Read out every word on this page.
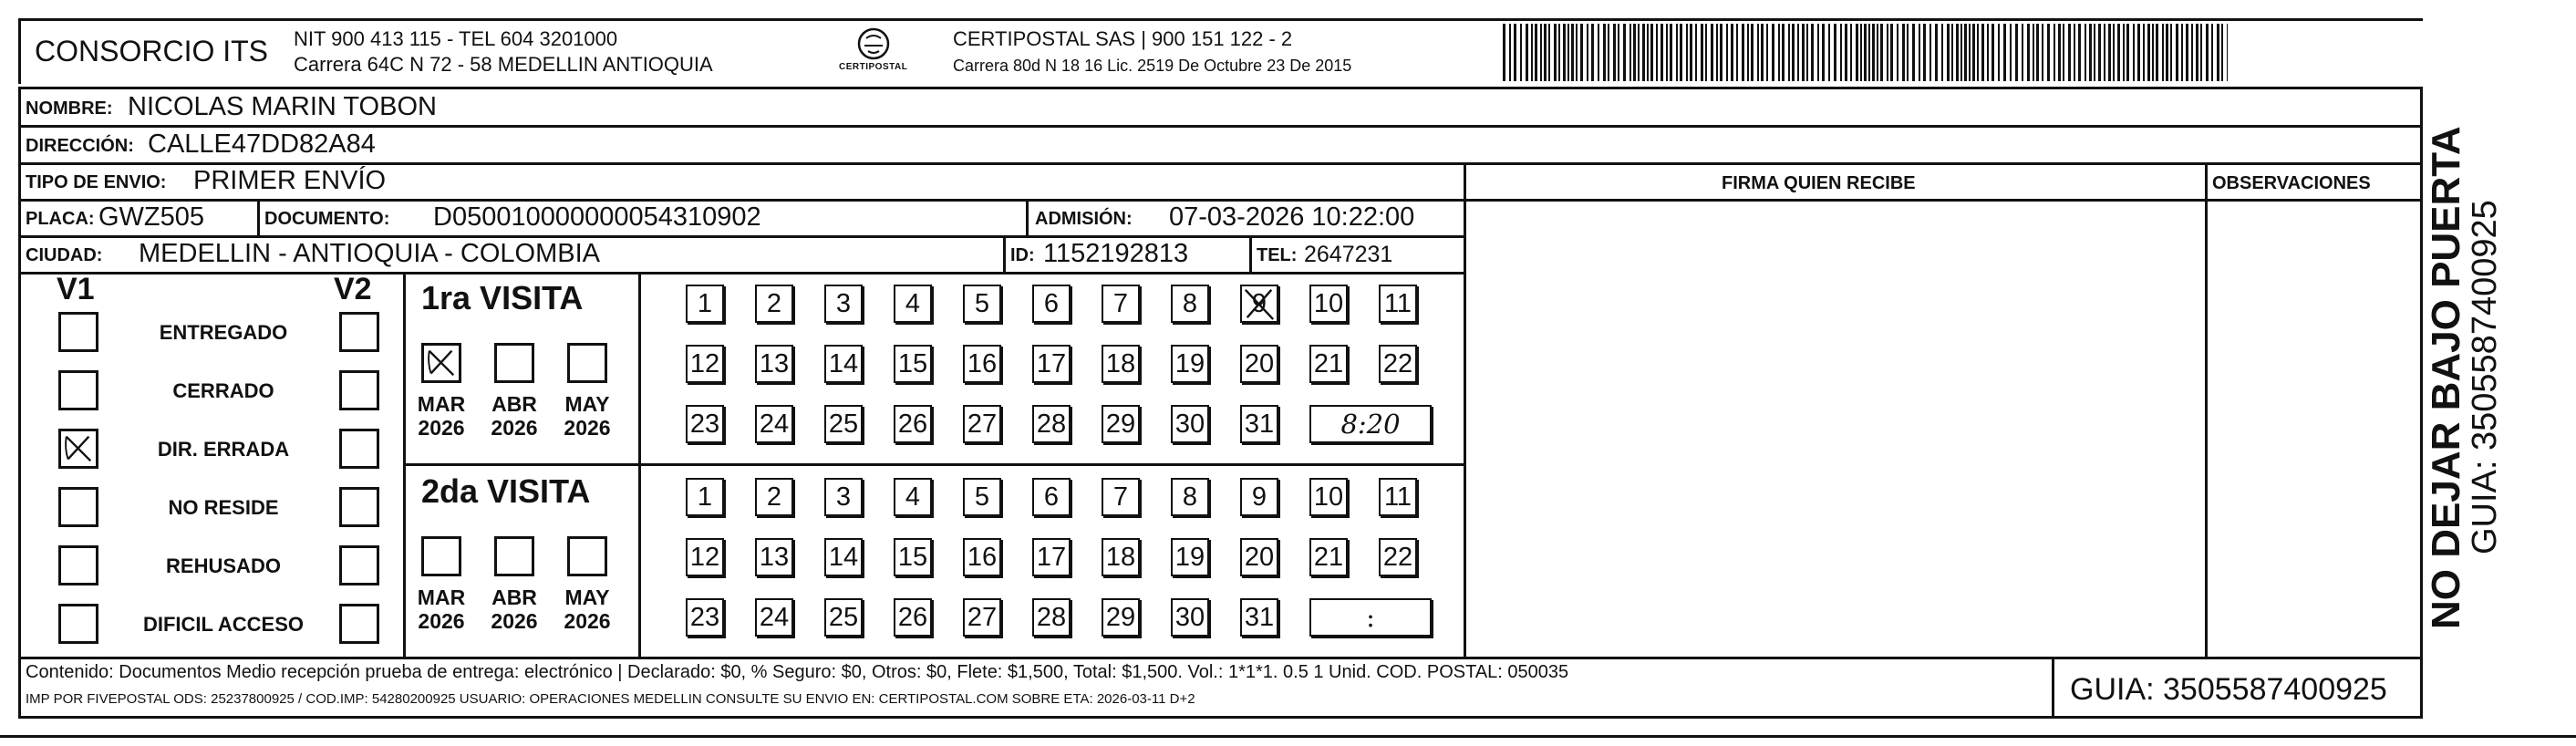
CONSORCIO ITS NIT 900 413 115 - TEL 604 3201000
Carrera 64C N 72 - 58 MEDELLIN ANTIOQUIA	CERTIPOSTAL
CERTIPOSTAL SAS | 900 151 122 - 2
Carrera 80d N 18 16 Lic. 2519 De Octubre 23 De 2015
NOMBRE: NICOLAS MARIN TOBON
DIRECCIÓN: CALLE47DD82A84
TIPO DE ENVIO: PRIMER ENVÍO	FIRMA QUIEN RECIBE	OBSERVACIONES
PLACA: GWZ505	DOCUMENTO: D050010000000054310902	ADMISIÓN: 07-03-2026 10:22:00
CIUDAD: MEDELLIN - ANTIOQUIA - COLOMBIA	ID: 1152192813	TEL: 2647231
V1	V2
ENTREGADO
CERRADO
DIR. ERRADA
NO RESIDE
REHUSADO
DIFICIL ACCESO
1ra VISITA
MAR
2026
ABR
2026
MAY
2026
1	2	3	4	5	6	7	8	9	10 11
12 13 14 15 16 17 18 19 20 21 22
23 24 25 26 27 28 29 30 31	8:20
2da VISITA
MAR
2026
ABR
2026
MAY
2026
1	2	3	4	5	6	7	8	9	10 11
12 13 14 15 16 17 18 19 20 21 22
23 24 25 26 27 28 29 30 31	:
Contenido: Documentos Medio recepción prueba de entrega: electrónico | Declarado: $0, % Seguro: $0, Otros: $0, Flete: $1,500, Total: $1,500. Vol.: 1*1*1. 0.5 1 Unid. COD. POSTAL: 050035
IMP POR FIVEPOSTAL ODS: 25237800925 / COD.IMP: 54280200925 USUARIO: OPERACIONES MEDELLIN CONSULTE SU ENVIO EN: CERTIPOSTAL.COM SOBRE ETA: 2026-03-11 D+2	GUIA: 3505587400925
NO DEJAR BAJO PUERTA
GUIA: 3505587400925
